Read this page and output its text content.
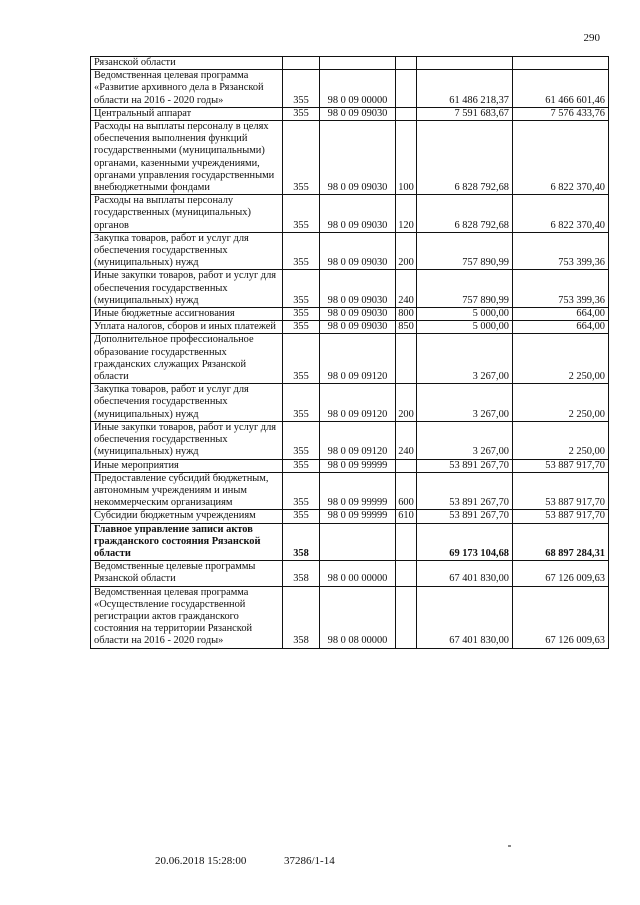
290
Рязанской области					
Ведомственная целевая программа «Развитие архивного дела в Рязанской области на 2016 - 2020 годы»	355	98 0 09 00000		61 486 218,37	61 466 601,46
Центральный аппарат	355	98 0 09 09030		7 591 683,67	7 576 433,76
Расходы на выплаты персоналу в целях обеспечения выполнения функций государственными (муниципальными) органами, казенными учреждениями, органами управления государственными внебюджетными фондами	355	98 0 09 09030	100	6 828 792,68	6 822 370,40
Расходы на выплаты персоналу государственных (муниципальных) органов	355	98 0 09 09030	120	6 828 792,68	6 822 370,40
Закупка товаров, работ и услуг для обеспечения государственных (муниципальных) нужд	355	98 0 09 09030	200	757 890,99	753 399,36
Иные закупки товаров, работ и услуг для обеспечения государственных (муниципальных) нужд	355	98 0 09 09030	240	757 890,99	753 399,36
Иные бюджетные ассигнования	355	98 0 09 09030	800	5 000,00	664,00
Уплата налогов, сборов и иных платежей	355	98 0 09 09030	850	5 000,00	664,00
Дополнительное профессиональное образование государственных гражданских служащих Рязанской области	355	98 0 09 09120		3 267,00	2 250,00
Закупка товаров, работ и услуг для обеспечения государственных (муниципальных) нужд	355	98 0 09 09120	200	3 267,00	2 250,00
Иные закупки товаров, работ и услуг для обеспечения государственных (муниципальных) нужд	355	98 0 09 09120	240	3 267,00	2 250,00
Иные мероприятия	355	98 0 09 99999		53 891 267,70	53 887 917,70
Предоставление субсидий бюджетным, автономным учреждениям и иным некоммерческим организациям	355	98 0 09 99999	600	53 891 267,70	53 887 917,70
Субсидии бюджетным учреждениям	355	98 0 09 99999	610	53 891 267,70	53 887 917,70
Главное управление записи актов гражданского состояния Рязанской области	358			69 173 104,68	68 897 284,31
Ведомственные целевые программы Рязанской области	358	98 0 00 00000		67 401 830,00	67 126 009,63
Ведомственная целевая программа «Осуществление государственной регистрации актов гражданского состояния на территории Рязанской области на 2016 - 2020 годы»	358	98 0 08 00000		67 401 830,00	67 126 009,63
20.06.2018 15:28:00	37286/1-14
